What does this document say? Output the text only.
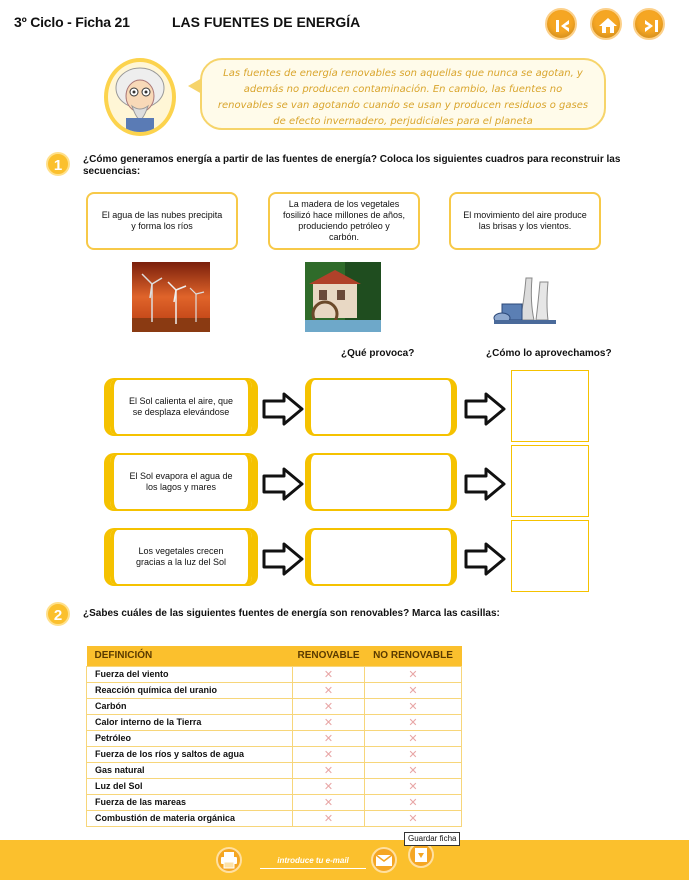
3º Ciclo - Ficha 21	LAS FUENTES DE ENERGÍA
Las fuentes de energía renovables son aquellas que nunca se agotan, y además no producen contaminación. En cambio, las fuentes no renovables se van agotando cuando se usan y producen residuos o gases de efecto invernadero, perjudiciales para el planeta
1	¿Cómo generamos energía a partir de las fuentes de energía? Coloca los siguientes cuadros para reconstruir las secuencias:
El agua de las nubes precipita y forma los ríos
La madera de los vegetales fosilizó hace millones de años, produciendo petróleo y carbón.
El movimiento del aire produce las brisas y los vientos.
¿Qué provoca?	¿Cómo lo aprovechamos?
El Sol calienta el aire, que se desplaza elevándose
El Sol evapora el agua de los lagos y mares
Los vegetales crecen gracias a la luz del Sol
2	¿Sabes cuáles de las siguientes fuentes de energía son renovables? Marca las casillas:
DEFINICIÓN	RENOVABLE	NO RENOVABLE
Fuerza del viento	✕	✕
Reacción química del uranio	✕	✕
Carbón	✕	✕
Calor interno de la Tierra	✕	✕
Petróleo	✕	✕
Fuerza de los ríos y saltos de agua	✕	✕
Gas natural	✕	✕
Luz del Sol	✕	✕
Fuerza de las mareas	✕	✕
Combustión de materia orgánica	✕	✕
introduce tu e-mail
Guardar ficha
